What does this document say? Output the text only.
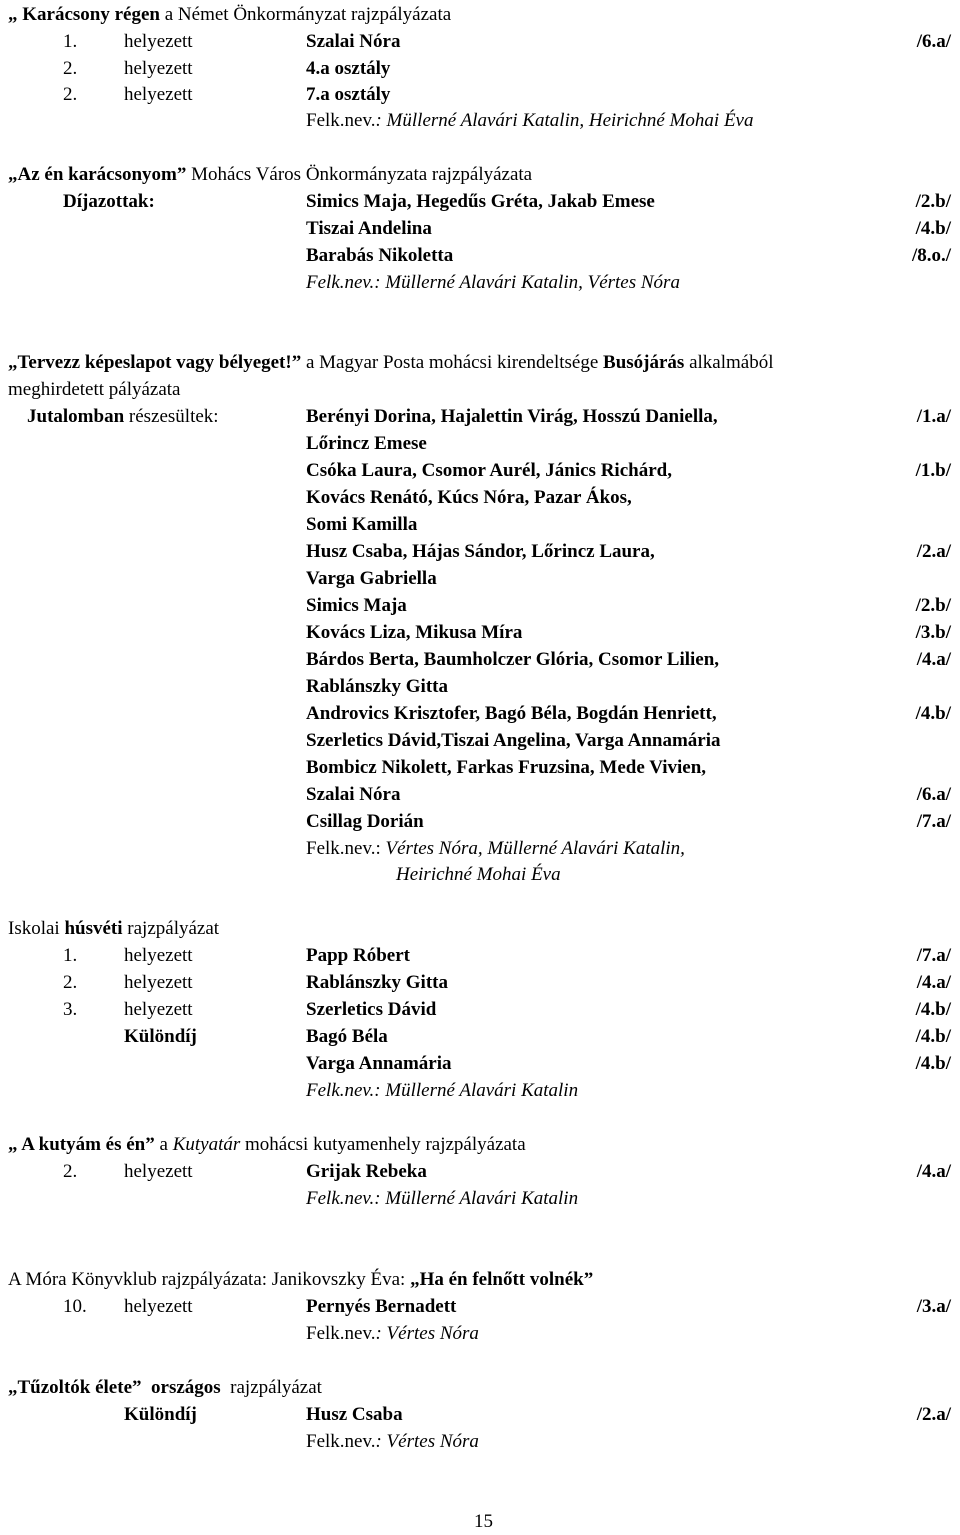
„ Karácsony régen a Német Önkormányzat rajzpályázata
1. helyezett	Szalai Nóra	/6.a/
2. helyezett	4.a osztály
2. helyezett	7.a osztály
Felk.nev.: Müllerné Alavári Katalin, Heirichné Mohai Éva
„Az én karácsonyom” Mohács Város Önkormányzata rajzpályázata
Díjazottak:	Simics Maja, Hegedűs Gréta, Jakab Emese	/2.b/
Tiszai Andelina	/4.b/
Barabás Nikoletta	/8.o./
Felk.nev.: Müllerné Alavári Katalin, Vértes Nóra
„Tervezz képeslapot vagy bélyeget!” a Magyar Posta mohácsi kirendeltsége Busójárás alkalmából
meghirdetett pályázata
Jutalomban részesültek:	Berényi Dorina, Hajalettin Virág, Hosszú Daniella,	/1.a/
Lőrincz Emese
Csóka Laura, Csomor Aurél, Jánics Richárd,	/1.b/
Kovács Renátó, Kúcs Nóra, Pazar Ákos,
Somi Kamilla
Husz Csaba, Hájas Sándor, Lőrincz Laura,	/2.a/
Varga Gabriella
Simics Maja	/2.b/
Kovács Liza, Mikusa Míra	/3.b/
Bárdos Berta, Baumholczer Glória, Csomor Lilien,	/4.a/
Rablánszky Gitta
Androvics Krisztofer, Bagó Béla, Bogdán Henriett,	/4.b/
Szerletics Dávid,Tiszai Angelina, Varga Annamária
Bombicz Nikolett, Farkas Fruzsina, Mede Vivien,
Szalai Nóra	/6.a/
Csillag Dorián	/7.a/
Felk.nev.: Vértes Nóra, Müllerné Alavári Katalin,
Heirichné Mohai Éva
Iskolai húsvéti rajzpályázat
1. helyezett	Papp Róbert	/7.a/
2. helyezett	Rablánszky Gitta	/4.a/
3. helyezett	Szerletics Dávid	/4.b/
Különdíj	Bagó Béla	/4.b/
Varga Annamária	/4.b/
Felk.nev.: Müllerné Alavári Katalin
„ A kutyám és én” a Kutyatár mohácsi kutyamenhely rajzpályázata
2. helyezett	Grijak Rebeka	/4.a/
Felk.nev.: Müllerné Alavári Katalin
A Móra Könyvklub rajzpályázata: Janikovszky Éva: „Ha én felnőtt volnék”
10. helyezett	Pernyés Bernadett	/3.a/
Felk.nev.: Vértes Nóra
„Tűzoltók élete”  országos  rajzpályázat
Különdíj	Husz Csaba	/2.a/
Felk.nev.: Vértes Nóra
15
